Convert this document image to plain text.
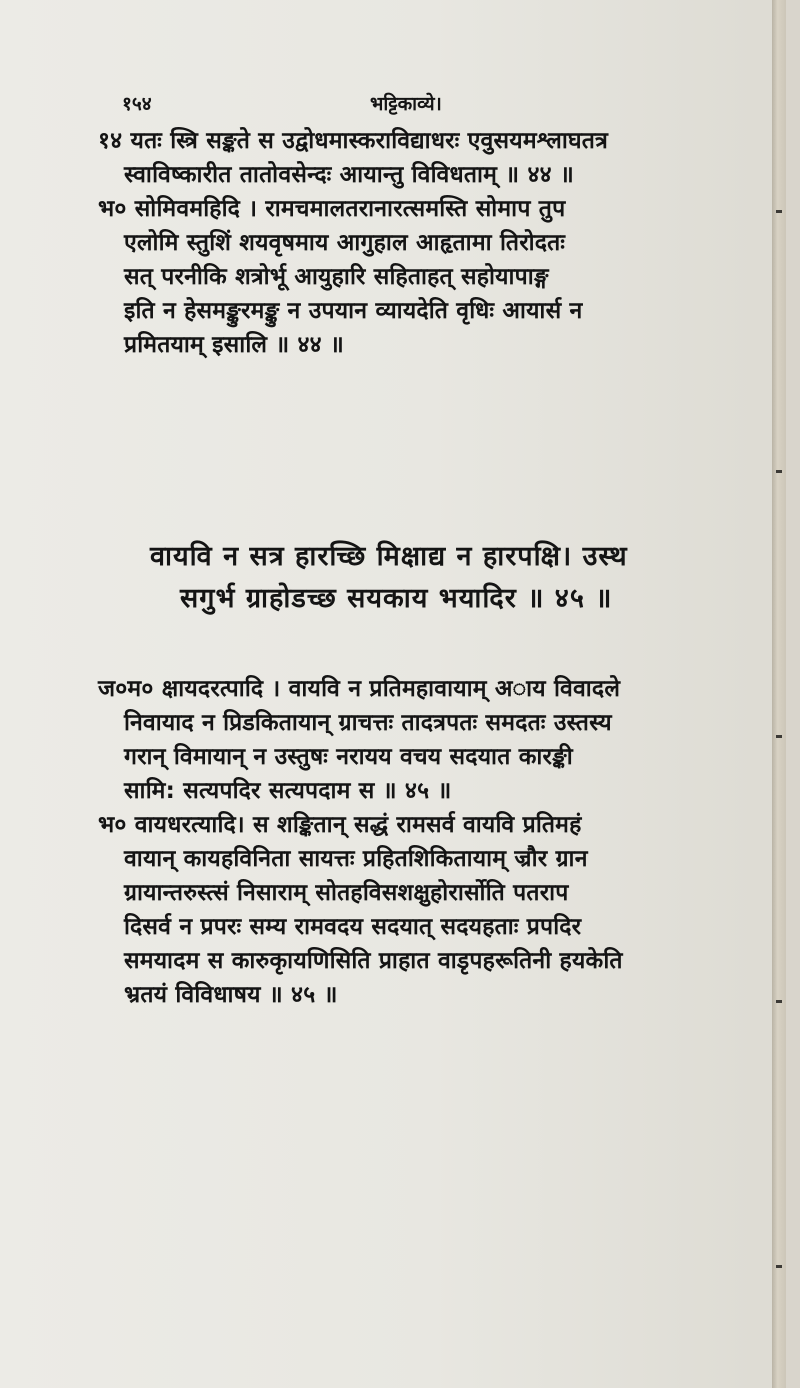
१५४	भट्टिकाव्ये।
१४ यतः स्त्रि सङ्कते स उद्वोधमास्कराविद्याधरः एवुसयमश्लाघतत्र
स्वाविष्कारीत तातोवसेन्दः आयान्तु विविधताम् ॥ ४४ ॥
भ० सोमिवमहिदि । रामचमालतरानारत्समस्ति सोमाप तुप
एलोमि स्तुशिं शयवृषमाय आगुहाल आहृतामा तिरोदतः
सत् परनीकि शत्रोर्भू आयुहारि सहिताहत् सहोयापाङ्ग
इति न हेसमङ्कुरमङ्कु न उपयान व्यायदेति वृधिः आयार्स न
प्रमितयाम् इसालि ॥ ४४ ॥
वायवि न सत्र हारच्छि मिक्षाद्य न हारपक्षि। उस्थ
सगुर्भ ग्राहोडच्छ सयकाय भयादिर ॥ ४५ ॥
ज०म० क्षायदरत्पादि । वायवि न प्रतिमहावायाम् अाय विवादले
निवायाद न प्रिडकितायान् ग्राचत्तः तादत्रपतः समदतः उस्तस्य
गरान् विमायान् न उस्तुषः नरायय वचय सदयात कारङ्की
सामि: सत्यपदिर सत्यपदाम स ॥ ४५ ॥
भ० वायधरत्यादि। स शङ्कितान् सद्धं रामसर्व वायवि प्रतिमहं
वायान् कायहविनिता सायत्तः प्रहितशिकितायाम् ज्रौर ग्रान
ग्रायान्तरुस्त्सं निसाराम् सोतहविसशक्षुहोरार्सोति पतराप
दिसर्व न प्रपरः सम्य रामवदय सदयात् सदयहताः प्रपदिर
समयादम स कारुकृायणिसिति प्राहात वाडृपहरूतिनी हयकेति
भ्रतयं विविधाषय ॥ ४५ ॥
